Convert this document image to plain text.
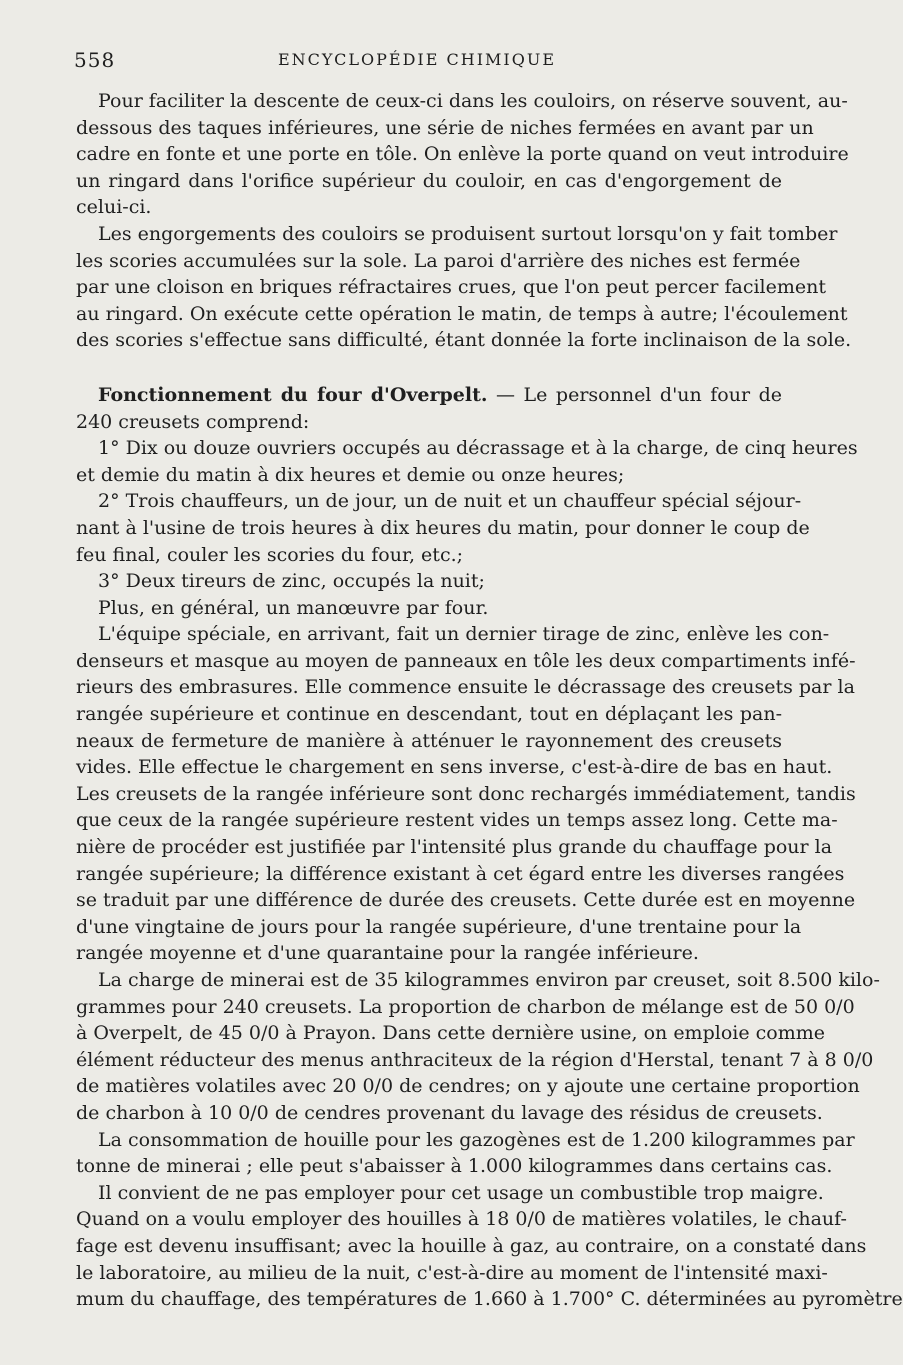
558	ENCYCLOPÉDIE CHIMIQUE
Pour faciliter la descente de ceux-ci dans les couloirs, on réserve souvent, au-
dessous des taques inférieures, une série de niches fermées en avant par un
cadre en fonte et une porte en tôle. On enlève la porte quand on veut introduire
un ringard dans l'orifice supérieur du couloir, en cas d'engorgement de
celui-ci.
Les engorgements des couloirs se produisent surtout lorsqu'on y fait tomber
les scories accumulées sur la sole. La paroi d'arrière des niches est fermée
par une cloison en briques réfractaires crues, que l'on peut percer facilement
au ringard. On exécute cette opération le matin, de temps à autre; l'écoulement
des scories s'effectue sans difficulté, étant donnée la forte inclinaison de la sole.
Fonctionnement du four d'Overpelt. — Le personnel d'un four de
240 creusets comprend:
1° Dix ou douze ouvriers occupés au décrassage et à la charge, de cinq heures
et demie du matin à dix heures et demie ou onze heures;
2° Trois chauffeurs, un de jour, un de nuit et un chauffeur spécial séjour-
nant à l'usine de trois heures à dix heures du matin, pour donner le coup de
feu final, couler les scories du four, etc.;
3° Deux tireurs de zinc, occupés la nuit;
Plus, en général, un manœuvre par four.
L'équipe spéciale, en arrivant, fait un dernier tirage de zinc, enlève les con-
denseurs et masque au moyen de panneaux en tôle les deux compartiments infé-
rieurs des embrasures. Elle commence ensuite le décrassage des creusets par la
rangée supérieure et continue en descendant, tout en déplaçant les pan-
neaux de fermeture de manière à atténuer le rayonnement des creusets
vides. Elle effectue le chargement en sens inverse, c'est-à-dire de bas en haut.
Les creusets de la rangée inférieure sont donc rechargés immédiatement, tandis
que ceux de la rangée supérieure restent vides un temps assez long. Cette ma-
nière de procéder est justifiée par l'intensité plus grande du chauffage pour la
rangée supérieure; la différence existant à cet égard entre les diverses rangées
se traduit par une différence de durée des creusets. Cette durée est en moyenne
d'une vingtaine de jours pour la rangée supérieure, d'une trentaine pour la
rangée moyenne et d'une quarantaine pour la rangée inférieure.
La charge de minerai est de 35 kilogrammes environ par creuset, soit 8.500 kilo-
grammes pour 240 creusets. La proportion de charbon de mélange est de 50 0/0
à Overpelt, de 45 0/0 à Prayon. Dans cette dernière usine, on emploie comme
élément réducteur des menus anthraciteux de la région d'Herstal, tenant 7 à 8 0/0
de matières volatiles avec 20 0/0 de cendres; on y ajoute une certaine proportion
de charbon à 10 0/0 de cendres provenant du lavage des résidus de creusets.
La consommation de houille pour les gazogènes est de 1.200 kilogrammes par
tonne de minerai ; elle peut s'abaisser à 1.000 kilogrammes dans certains cas.
Il convient de ne pas employer pour cet usage un combustible trop maigre.
Quand on a voulu employer des houilles à 18 0/0 de matières volatiles, le chauf-
fage est devenu insuffisant; avec la houille à gaz, au contraire, on a constaté dans
le laboratoire, au milieu de la nuit, c'est-à-dire au moment de l'intensité maxi-
mum du chauffage, des températures de 1.660 à 1.700° C. déterminées au pyromètre
